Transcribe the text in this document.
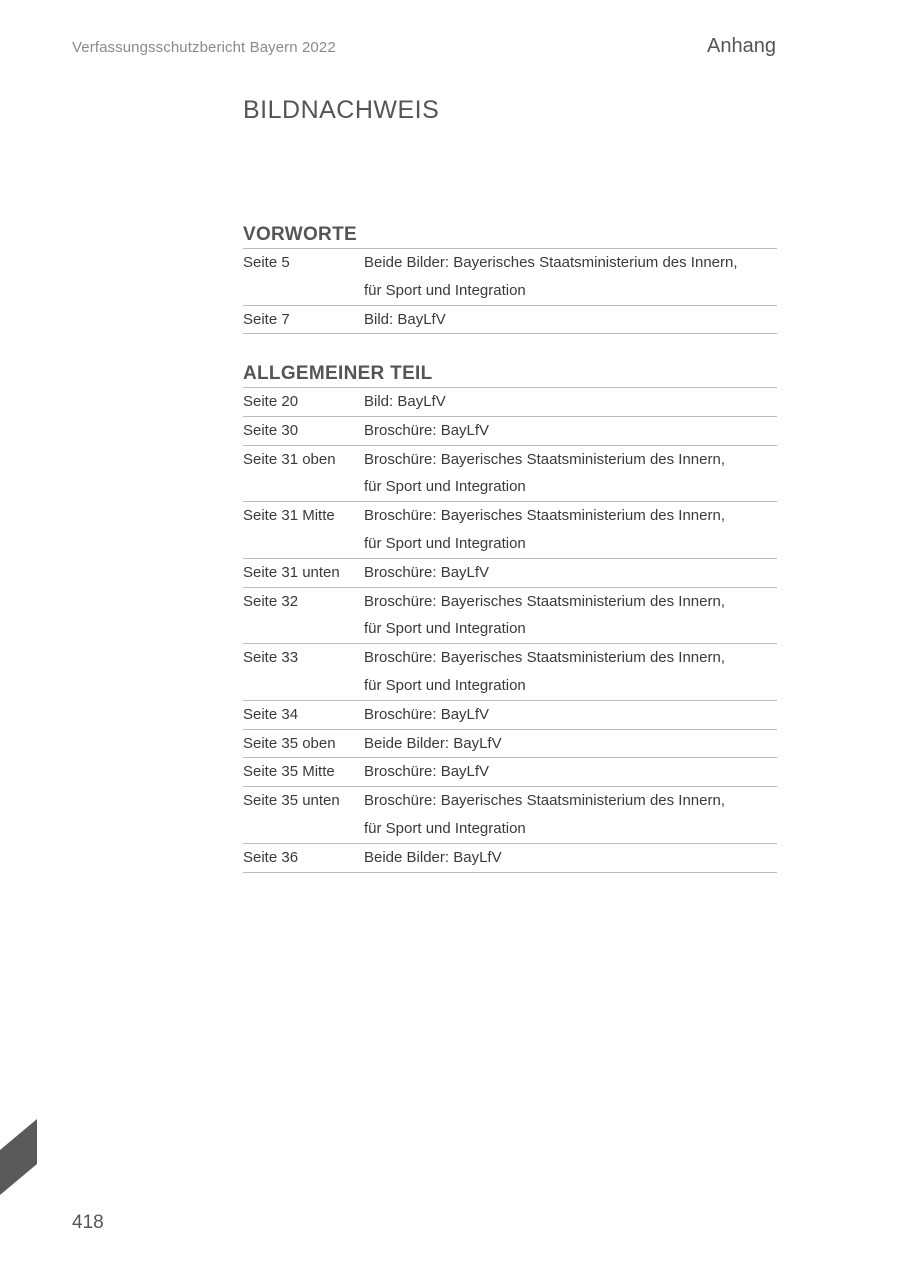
Verfassungsschutzbericht Bayern 2022	Anhang
BILDNACHWEIS
VORWORTE
Seite 5	Beide Bilder: Bayerisches Staatsministerium des Innern,
für Sport und Integration
Seite 7	Bild: BayLfV
ALLGEMEINER TEIL
Seite 20	Bild: BayLfV
Seite 30	Broschüre: BayLfV
Seite 31 oben	Broschüre: Bayerisches Staatsministerium des Innern,
für Sport und Integration
Seite 31 Mitte	Broschüre: Bayerisches Staatsministerium des Innern,
für Sport und Integration
Seite 31 unten	Broschüre: BayLfV
Seite 32	Broschüre: Bayerisches Staatsministerium des Innern,
für Sport und Integration
Seite 33	Broschüre: Bayerisches Staatsministerium des Innern,
für Sport und Integration
Seite 34	Broschüre: BayLfV
Seite 35 oben	Beide Bilder: BayLfV
Seite 35 Mitte	Broschüre: BayLfV
Seite 35 unten	Broschüre: Bayerisches Staatsministerium des Innern,
für Sport und Integration
Seite 36	Beide Bilder: BayLfV
418
